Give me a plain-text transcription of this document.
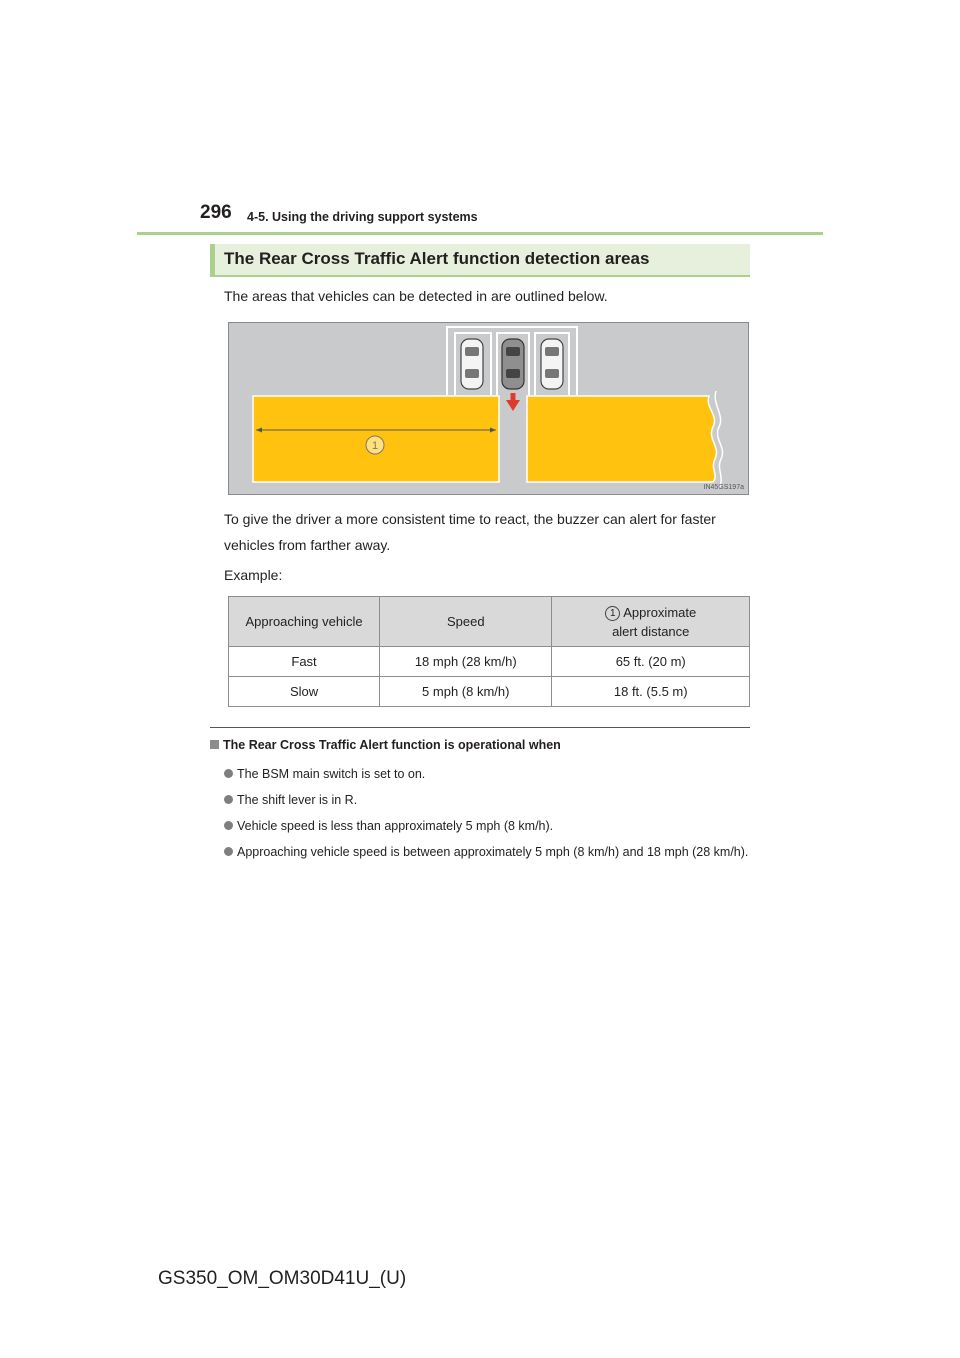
296 4-5. Using the driving support systems
The Rear Cross Traffic Alert function detection areas
The areas that vehicles can be detected in are outlined below.
1
IN45GS197a
To give the driver a more consistent time to react, the buzzer can alert for faster vehicles from farther away.
Example:
Approaching vehicle	Speed	1 Approximate
alert distance
Fast	18 mph (28 km/h)	65 ft. (20 m)
Slow	5 mph (8 km/h)	18 ft. (5.5 m)
The Rear Cross Traffic Alert function is operational when
The BSM main switch is set to on.
The shift lever is in R.
Vehicle speed is less than approximately 5 mph (8 km/h).
Approaching vehicle speed is between approximately 5 mph (8 km/h) and 18 mph (28 km/h).
GS350_OM_OM30D41U_(U)
